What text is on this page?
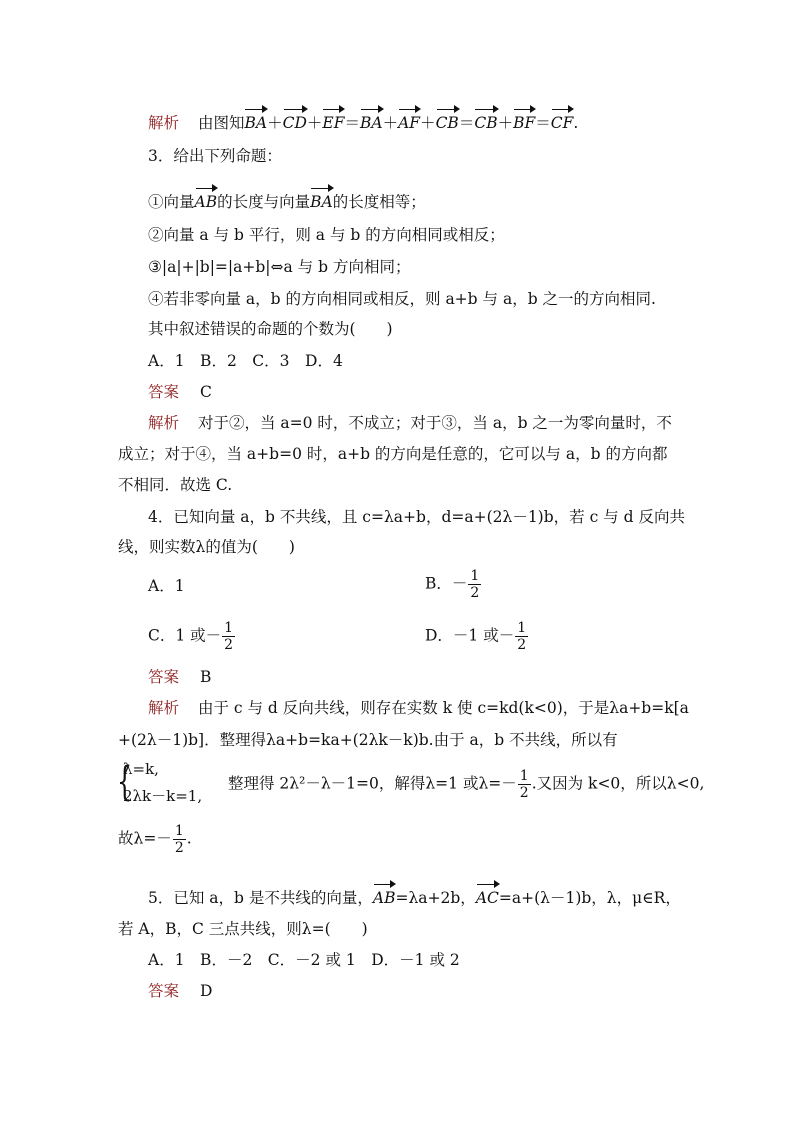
解析 由图知BA＋CD＋EF＝BA＋AF＋CB＝CB＋BF＝CF.
3．给出下列命题：
①向量AB的长度与向量BA的长度相等；
②向量 a 与 b 平行，则 a 与 b 的方向相同或相反；
③|a|+|b|=|a+b|⇔a 与 b 方向相同；
④若非零向量 a，b 的方向相同或相反，则 a+b 与 a，b 之一的方向相同.
其中叙述错误的命题的个数为(　　)
A．1　B．2　C．3　D．4
答案 C
解析 对于②，当 a=0 时，不成立；对于③，当 a，b 之一为零向量时，不
成立；对于④，当 a+b=0 时，a+b 的方向是任意的，它可以与 a，b 的方向都
不相同．故选 C.
4．已知向量 a，b 不共线，且 c=λa+b，d=a+(2λ－1)b，若 c 与 d 反向共
线，则实数λ的值为(　　)
A．1	B．－ $\frac{1}{2}$
C．1 或－ $\frac{1}{2}$	D．－1 或－ $\frac{1}{2}$
答案 B
解析 由于 c 与 d 反向共线，则存在实数 k 使 c=kd(k<0)，于是λa+b=k[a
+(2λ－1)b]．整理得λa+b=ka+(2λk－k)b.由于 a，b 不共线，所以有
{
λ=k,
2λk－k=1,
整理得 2λ²－λ－1=0，解得λ=1 或$\lambda=- \frac{1}{2}$ .又因为 k<0，所以λ<0,
故$\lambda=- \frac{1}{2}$ .
5．已知 a，b 是不共线的向量，AB=λa+2b，AC=a+(λ－1)b，λ，μ∈R，
若 A，B，C 三点共线，则λ=(　　)
A．1　B．－2　C．－2 或 1　D．－1 或 2
答案 D
